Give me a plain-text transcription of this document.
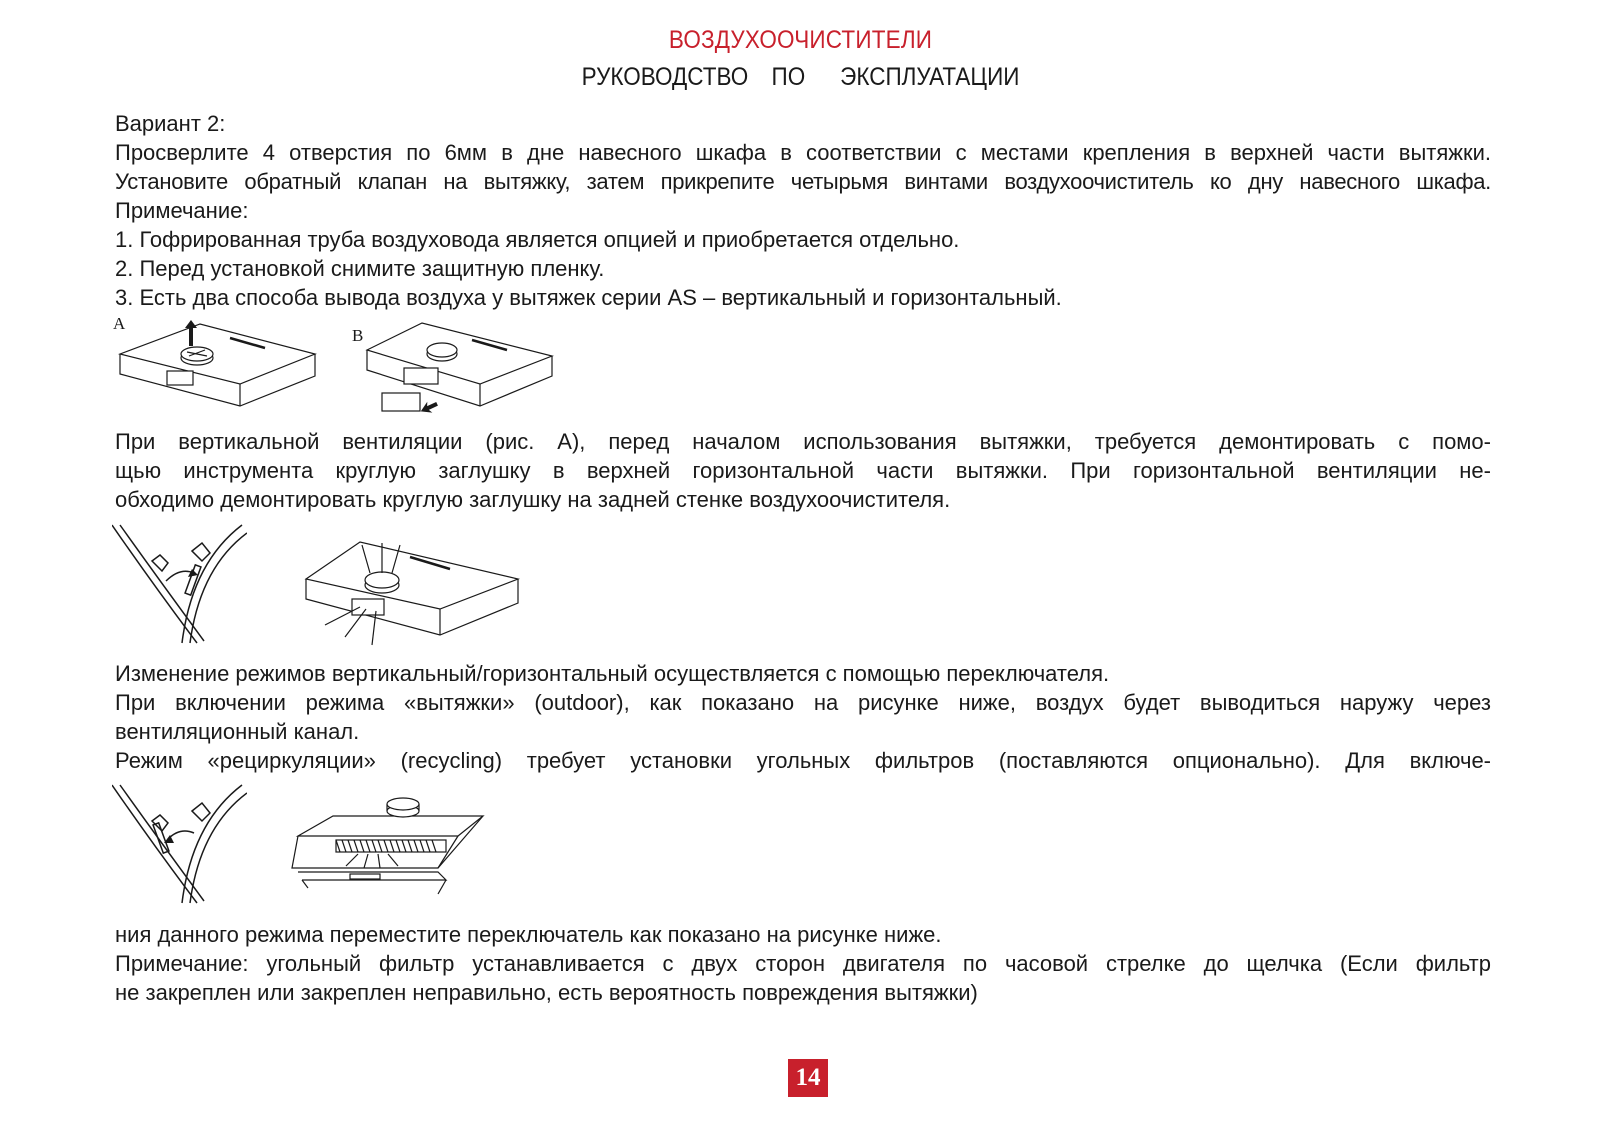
ВОЗДУХООЧИСТИТЕЛИ
РУКОВОДСТВО  ПО   ЭКСПЛУАТАЦИИ

Вариант 2:

Просверлите 4 отверстия по 6мм в дне навесного шкафа в соответствии с местами крепления в верхней части вытяжки.

Установите обратный клапан на вытяжку, затем прикрепите четырьмя винтами воздухоочиститель ко дну навесного шкафа.

Примечание:

1. Гофрированная труба воздуховода является опцией и приобретается отдельно.

2. Перед установкой снимите защитную пленку.

3. Есть два способа вывода воздуха у вытяжек серии AS – вертикальный и горизонтальный.

A
B

При вертикальной вентиляции (рис. А), перед началом использования вытяжки, требуется демонтировать с помо-

щью инструмента круглую заглушку в верхней горизонтальной части вытяжки. При горизонтальной вентиляции не-

обходимо демонтировать круглую заглушку на задней стенке воздухоочистителя.

Изменение режимов вертикальный/горизонтальный осуществляется с помощью переключателя.

При включении режима «вытяжки» (outdoor), как показано на рисунке ниже, воздух будет выводиться наружу через

вентиляционный канал.

Режим «рециркуляции» (recycling) требует установки угольных фильтров (поставляются опционально). Для включе-

ния данного режима переместите переключатель как показано на рисунке ниже.

Примечание: угольный фильтр устанавливается с двух сторон двигателя по часовой стрелке до щелчка (Если фильтр

не закреплен или закреплен неправильно, есть вероятность повреждения вытяжки)

14
